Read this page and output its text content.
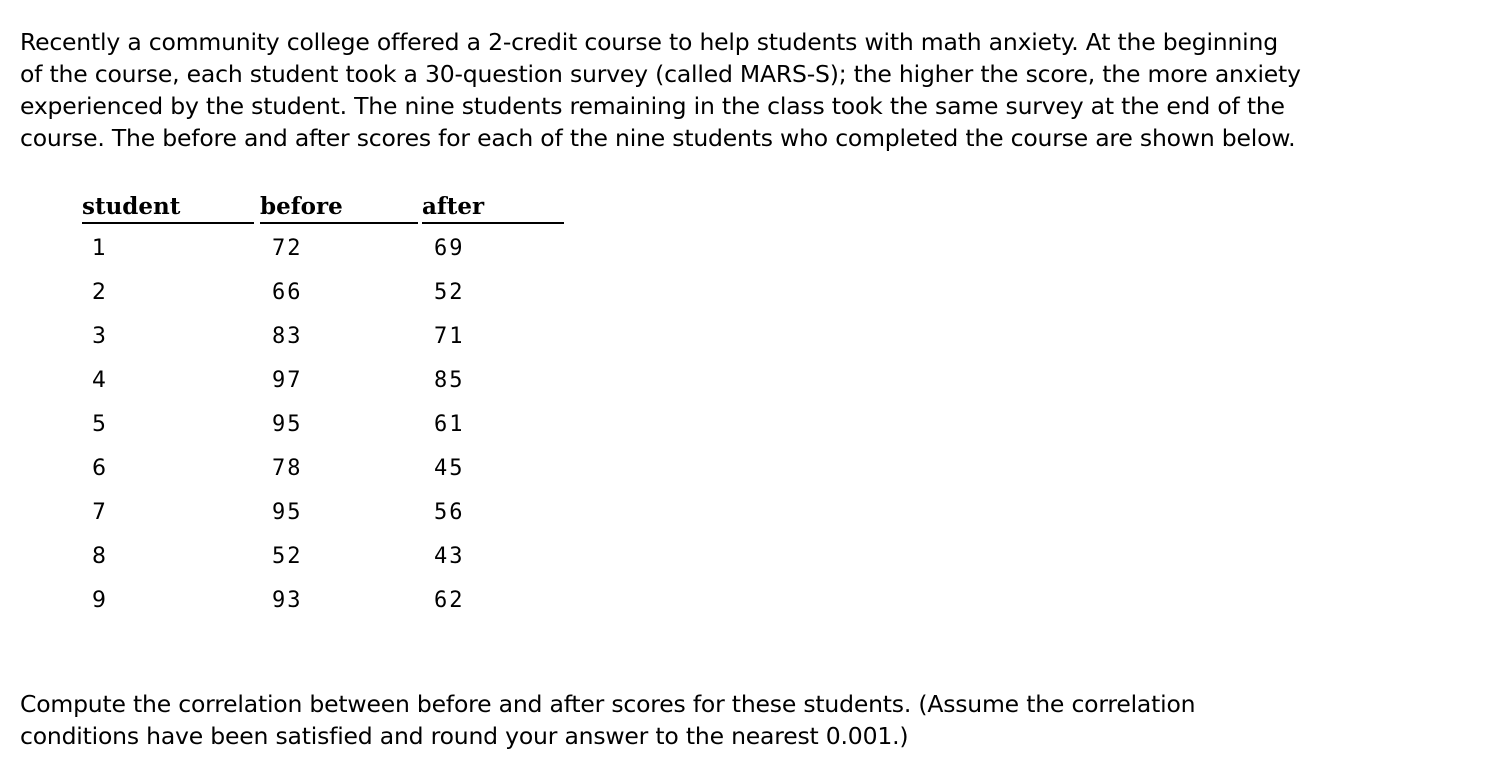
Recently a community college offered a 2-credit course to help students with math anxiety. At the beginning
of the course, each student took a 30-question survey (called MARS-S); the higher the score, the more anxiety
experienced by the student. The nine students remaining in the class took the same survey at the end of the
course. The before and after scores for each of the nine students who completed the course are shown below.
student	before	after
1	72	69
2	66	52
3	83	71
4	97	85
5	95	61
6	78	45
7	95	56
8	52	43
9	93	62
Compute the correlation between before and after scores for these students. (Assume the correlation
conditions have been satisfied and round your answer to the nearest 0.001.)
